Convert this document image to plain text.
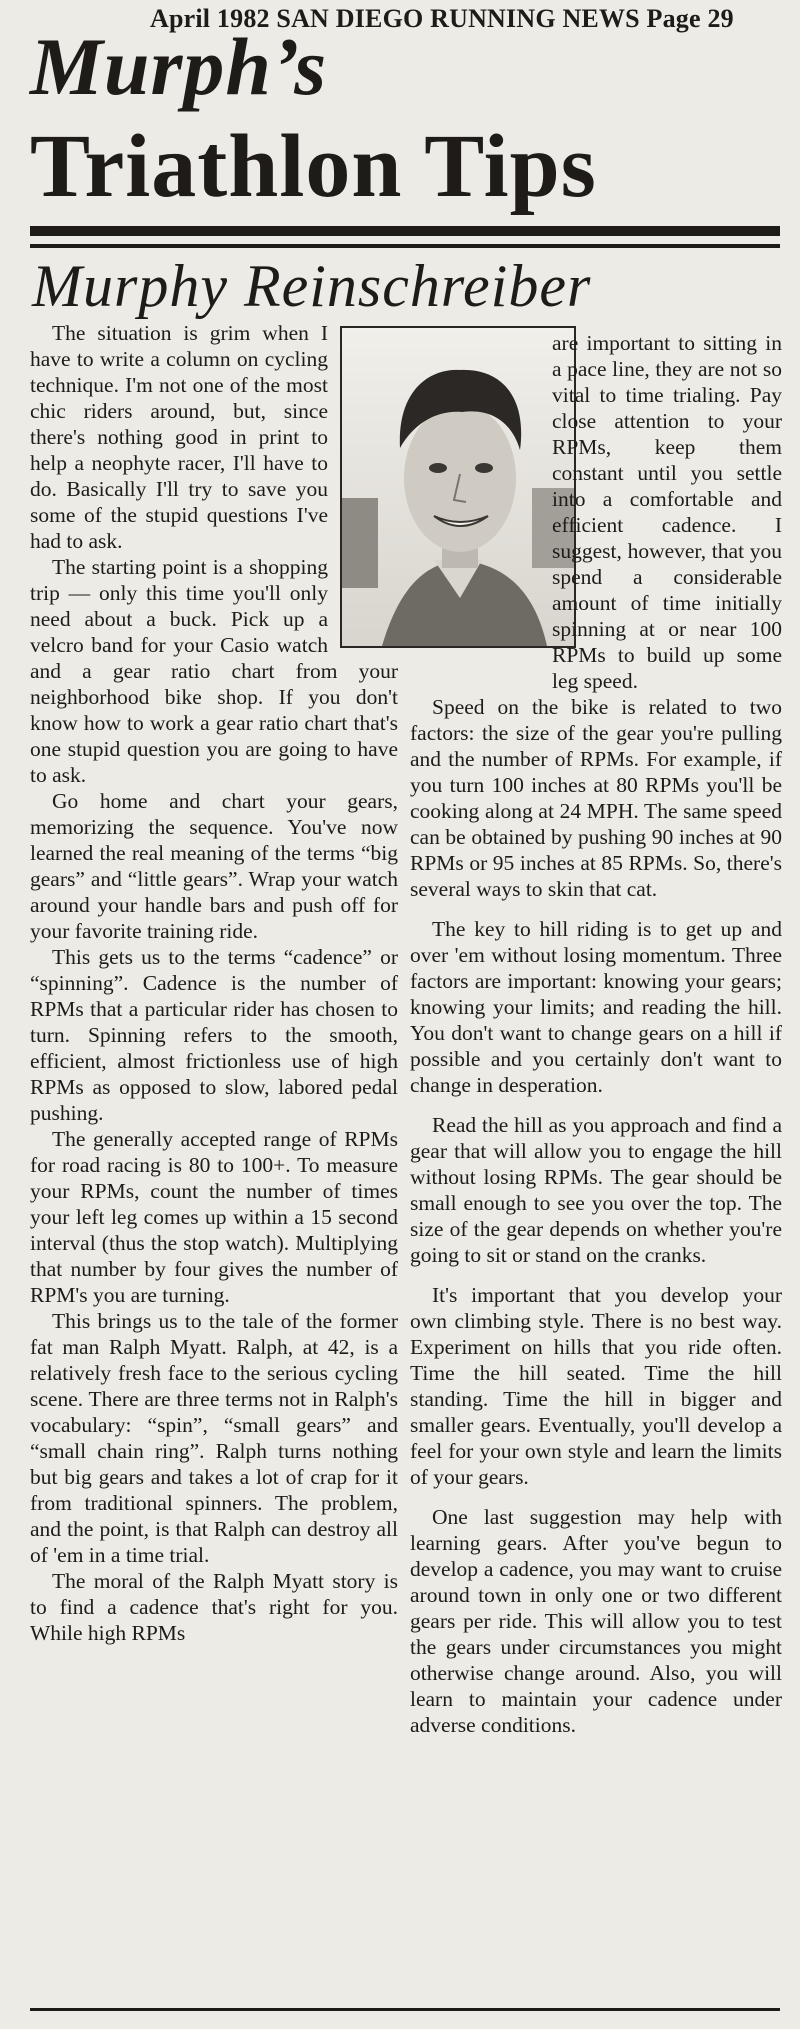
April 1982 SAN DIEGO RUNNING NEWS Page 29
Murph’s
Triathlon Tips
Murphy Reinschreiber

The situation is grim when I have to write a column on cycling technique. I'm not one of the most chic riders around, but, since there's nothing good in print to help a neophyte racer, I'll have to do. Basically I'll try to save you some of the stupid questions I've had to ask.

The starting point is a shopping trip — only this time you'll only need about a buck. Pick up a velcro band for your Casio watch and a gear ratio chart from your neighborhood bike shop. If you don't know how to work a gear ratio chart that's one stupid question you are going to have to ask.

Go home and chart your gears, memorizing the sequence. You've now learned the real meaning of the terms “big gears” and “little gears”. Wrap your watch around your handle bars and push off for your favorite training ride.

This gets us to the terms “cadence” or “spinning”. Cadence is the number of RPMs that a particular rider has chosen to turn. Spinning refers to the smooth, efficient, almost frictionless use of high RPMs as opposed to slow, labored pedal pushing.

The generally accepted range of RPMs for road racing is 80 to 100+. To measure your RPMs, count the number of times your left leg comes up within a 15 second interval (thus the stop watch). Multiplying that number by four gives the number of RPM's you are turning.

This brings us to the tale of the former fat man Ralph Myatt. Ralph, at 42, is a relatively fresh face to the serious cycling scene. There are three terms not in Ralph's vocabulary: “spin”, “small gears” and “small chain ring”. Ralph turns nothing but big gears and takes a lot of crap for it from traditional spinners. The problem, and the point, is that Ralph can destroy all of 'em in a time trial.

The moral of the Ralph Myatt story is to find a cadence that's right for you. While high RPMs

are important to sitting in a pace line, they are not so vital to time trialing. Pay close attention to your RPMs, keep them constant until you settle into a comfortable and efficient cadence. I suggest, however, that you spend a considerable amount of time initially spinning at or near 100 RPMs to build up some leg speed.

Speed on the bike is related to two factors: the size of the gear you're pulling and the number of RPMs. For example, if you turn 100 inches at 80 RPMs you'll be cooking along at 24 MPH. The same speed can be obtained by pushing 90 inches at 90 RPMs or 95 inches at 85 RPMs. So, there's several ways to skin that cat.

The key to hill riding is to get up and over 'em without losing momentum. Three factors are important: knowing your gears; knowing your limits; and reading the hill. You don't want to change gears on a hill if possible and you certainly don't want to change in desperation.

Read the hill as you approach and find a gear that will allow you to engage the hill without losing RPMs. The gear should be small enough to see you over the top. The size of the gear depends on whether you're going to sit or stand on the cranks.

It's important that you develop your own climbing style. There is no best way. Experiment on hills that you ride often. Time the hill seated. Time the hill standing. Time the hill in bigger and smaller gears. Eventually, you'll develop a feel for your own style and learn the limits of your gears.

One last suggestion may help with learning gears. After you've begun to develop a cadence, you may want to cruise around town in only one or two different gears per ride. This will allow you to test the gears under circumstances you might otherwise change around. Also, you will learn to maintain your cadence under adverse conditions.
